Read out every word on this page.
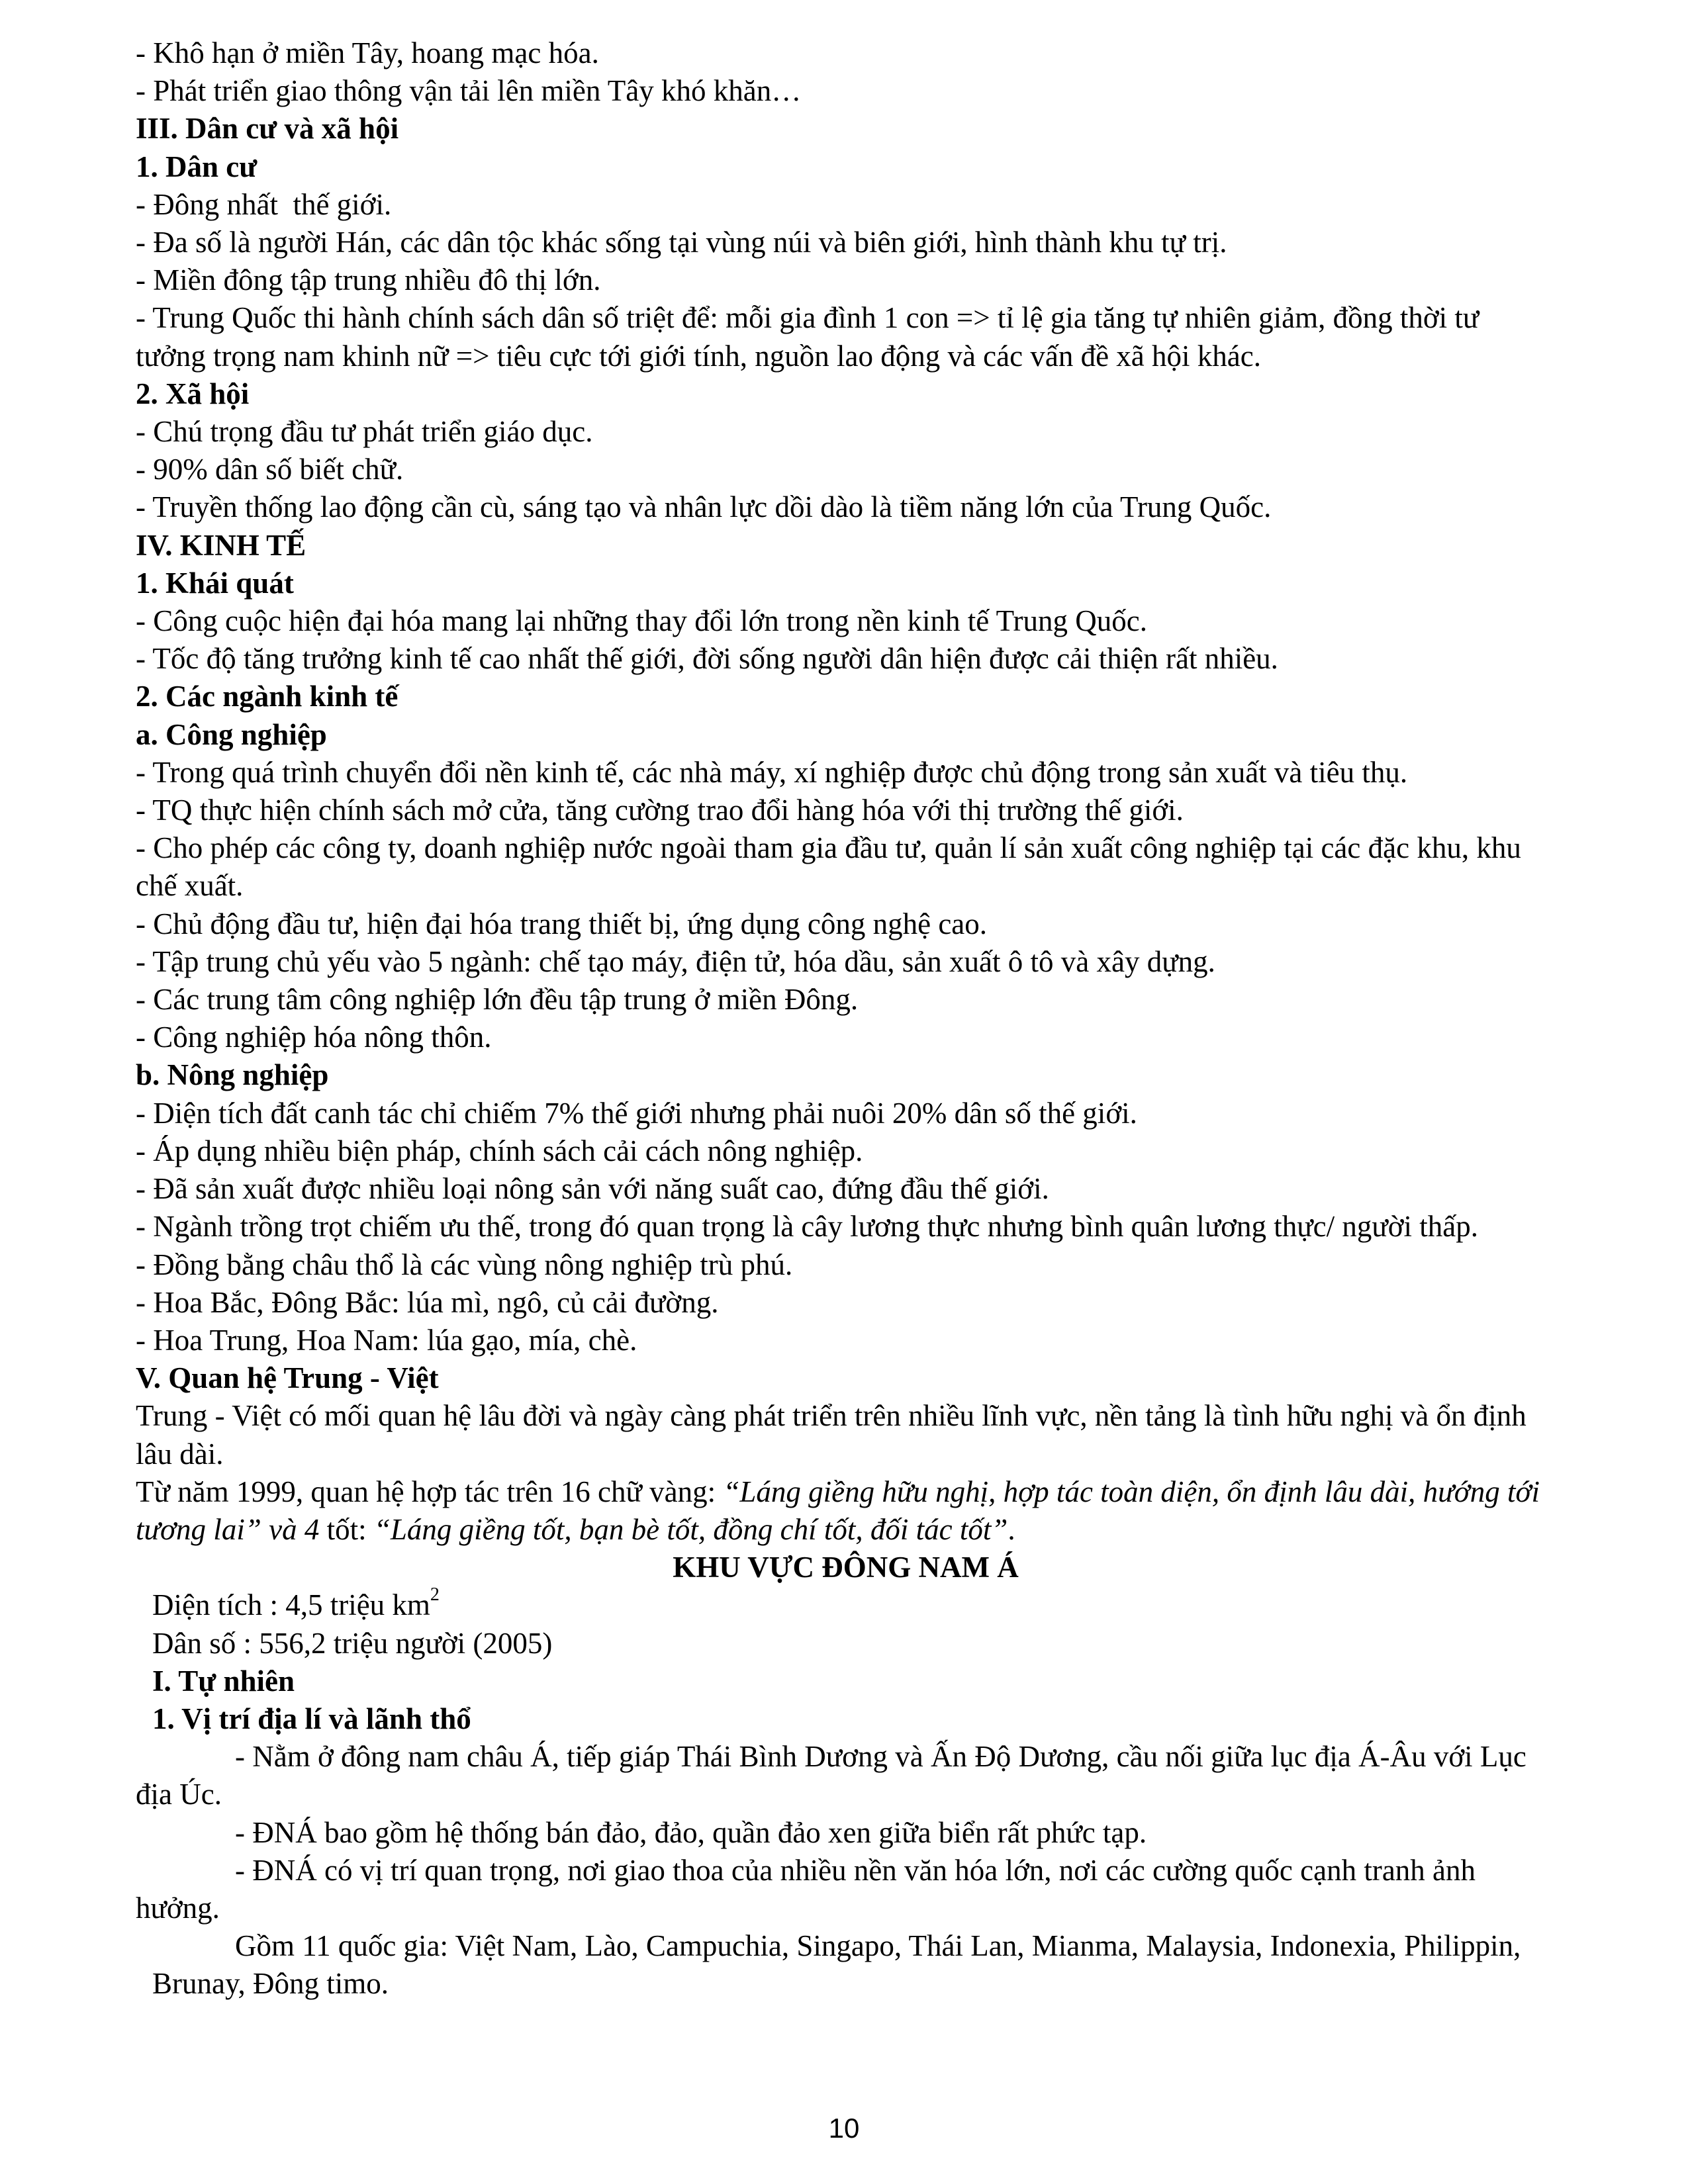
- Khô hạn ở miền Tây, hoang mạc hóa.
- Phát triển giao thông vận tải lên miền Tây khó khăn…
III. Dân cư và xã hội
1. Dân cư
- Đông nhất  thế giới.
- Đa số là người Hán, các dân tộc khác sống tại vùng núi và biên giới, hình thành khu tự trị.
- Miền đông tập trung nhiều đô thị lớn.
- Trung Quốc thi hành chính sách dân số triệt để: mỗi gia đình 1 con => tỉ lệ gia tăng tự nhiên giảm, đồng thời tư tưởng trọng nam khinh nữ => tiêu cực tới giới tính, nguồn lao động và các vấn đề xã hội khác.
2. Xã hội
- Chú trọng đầu tư phát triển giáo dục.
- 90% dân số biết chữ.
- Truyền thống lao động cần cù, sáng tạo và nhân lực dồi dào là tiềm năng lớn của Trung Quốc.
IV. KINH TẾ
1. Khái quát
- Công cuộc hiện đại hóa mang lại những thay đổi lớn trong nền kinh tế Trung Quốc.
- Tốc độ tăng trưởng kinh tế cao nhất thế giới, đời sống người dân hiện được cải thiện rất nhiều.
2. Các ngành kinh tế
a. Công nghiệp
- Trong quá trình chuyển đổi nền kinh tế, các nhà máy, xí nghiệp được chủ động trong sản xuất và tiêu thụ.
- TQ thực hiện chính sách mở cửa, tăng cường trao đổi hàng hóa với thị trường thế giới.
- Cho phép các công ty, doanh nghiệp nước ngoài tham gia đầu tư, quản lí sản xuất công nghiệp tại các đặc khu, khu chế xuất.
- Chủ động đầu tư, hiện đại hóa trang thiết bị, ứng dụng công nghệ cao.
- Tập trung chủ yếu vào 5 ngành: chế tạo máy, điện tử, hóa dầu, sản xuất ô tô và xây dựng.
- Các trung tâm công nghiệp lớn đều tập trung ở miền Đông.
- Công nghiệp hóa nông thôn.
b. Nông nghiệp
- Diện tích đất canh tác chỉ chiếm 7% thế giới nhưng phải nuôi 20% dân số thế giới.
- Áp dụng nhiều biện pháp, chính sách cải cách nông nghiệp.
- Đã sản xuất được nhiều loại nông sản với năng suất cao, đứng đầu thế giới.
- Ngành trồng trọt chiếm ưu thế, trong đó quan trọng là cây lương thực nhưng bình quân lương thực/ người thấp.
- Đồng bằng châu thổ là các vùng nông nghiệp trù phú.
- Hoa Bắc, Đông Bắc: lúa mì, ngô, củ cải đường.
- Hoa Trung, Hoa Nam: lúa gạo, mía, chè.
V. Quan hệ Trung - Việt
Trung - Việt có mối quan hệ lâu đời và ngày càng phát triển trên nhiều lĩnh vực, nền tảng là tình hữu nghị và ổn định lâu dài.
Từ năm 1999, quan hệ hợp tác trên 16 chữ vàng: “Láng giềng hữu nghị, hợp tác toàn diện, ổn định lâu dài, hướng tới tương lai” và 4 tốt: “Láng giềng tốt, bạn bè tốt, đồng chí tốt, đối tác tốt”.
KHU VỰC ĐÔNG NAM Á
Diện tích : 4,5 triệu $km^2$
Dân số : 556,2 triệu người (2005)
I. Tự nhiên
1. Vị trí địa lí và lãnh thổ
- Nằm ở đông nam châu Á, tiếp giáp Thái Bình Dương và Ấn Độ Dương, cầu nối giữa lục địa Á-Âu với Lục địa Úc.
- ĐNÁ bao gồm hệ thống bán đảo, đảo, quần đảo xen giữa biển rất phức tạp.
- ĐNÁ có vị trí quan trọng, nơi giao thoa của nhiều nền văn hóa lớn, nơi các cường quốc cạnh tranh ảnh hưởng.
Gồm 11 quốc gia: Việt Nam, Lào, Campuchia, Singapo, Thái Lan, Mianma, Malaysia, Indonexia, Philippin, Brunay, Đông timo.
10
